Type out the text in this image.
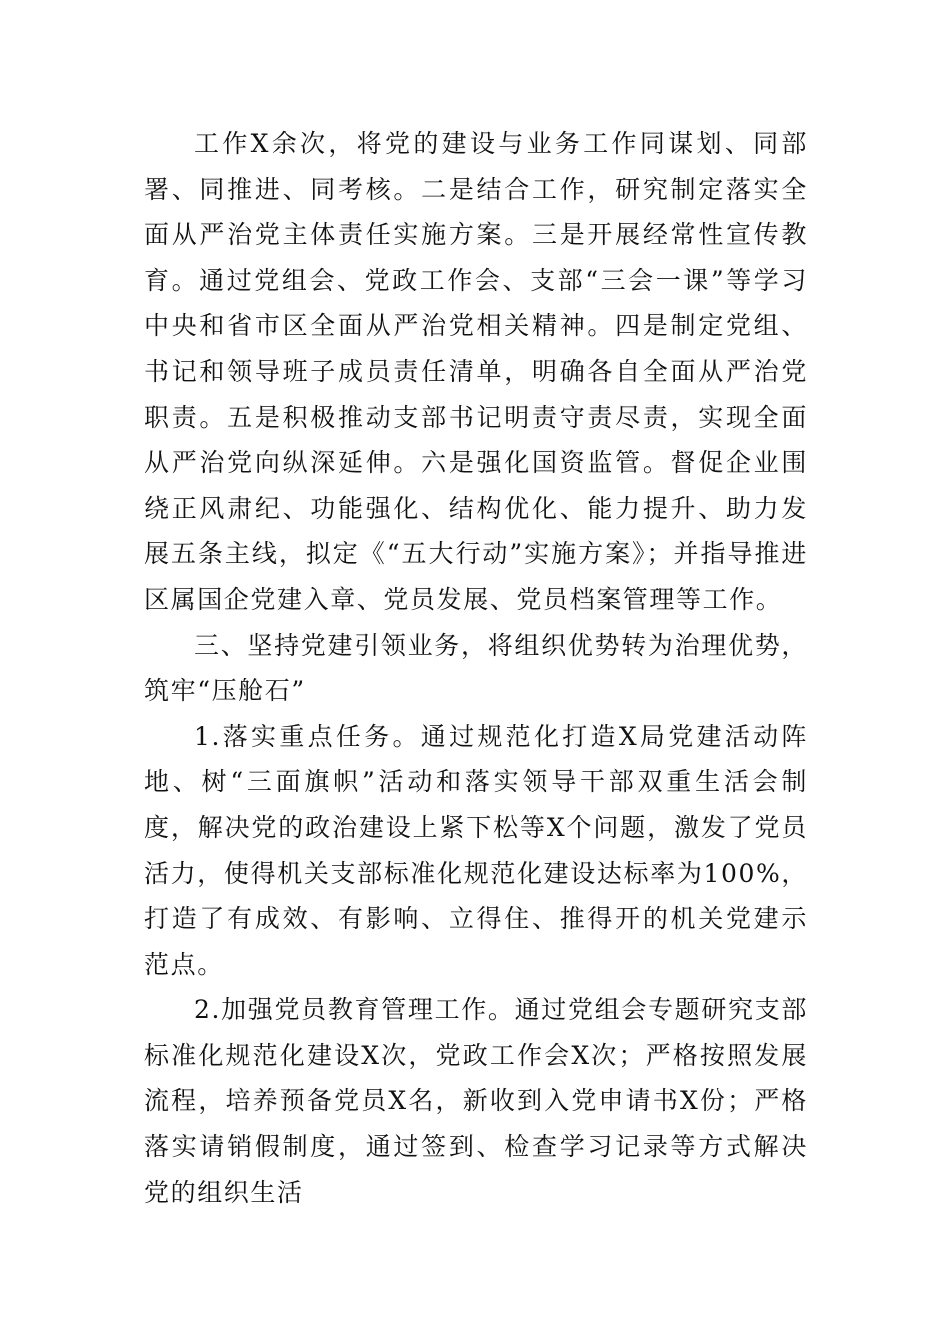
工作X余次，将党的建设与业务工作同谋划、同部署、同推进、同考核。二是结合工作，研究制定落实全面从严治党主体责任实施方案。三是开展经常性宣传教育。通过党组会、党政工作会、支部“三会一课”等学习中央和省市区全面从严治党相关精神。四是制定党组、书记和领导班子成员责任清单，明确各自全面从严治党职责。五是积极推动支部书记明责守责尽责，实现全面从严治党向纵深延伸。六是强化国资监管。督促企业围绕正风肃纪、功能强化、结构优化、能力提升、助力发展五条主线，拟定《“五大行动”实施方案》；并指导推进区属国企党建入章、党员发展、党员档案管理等工作。

三、坚持党建引领业务，将组织优势转为治理优势，筑牢“压舱石”

1.落实重点任务。通过规范化打造X局党建活动阵地、树“三面旗帜”活动和落实领导干部双重生活会制度，解决党的政治建设上紧下松等X个问题，激发了党员活力，使得机关支部标准化规范化建设达标率为100%，打造了有成效、有影响、立得住、推得开的机关党建示范点。

2.加强党员教育管理工作。通过党组会专题研究支部标准化规范化建设X次，党政工作会X次；严格按照发展流程，培养预备党员X名，新收到入党申请书X份；严格落实请销假制度，通过签到、检查学习记录等方式解决党的组织生活
